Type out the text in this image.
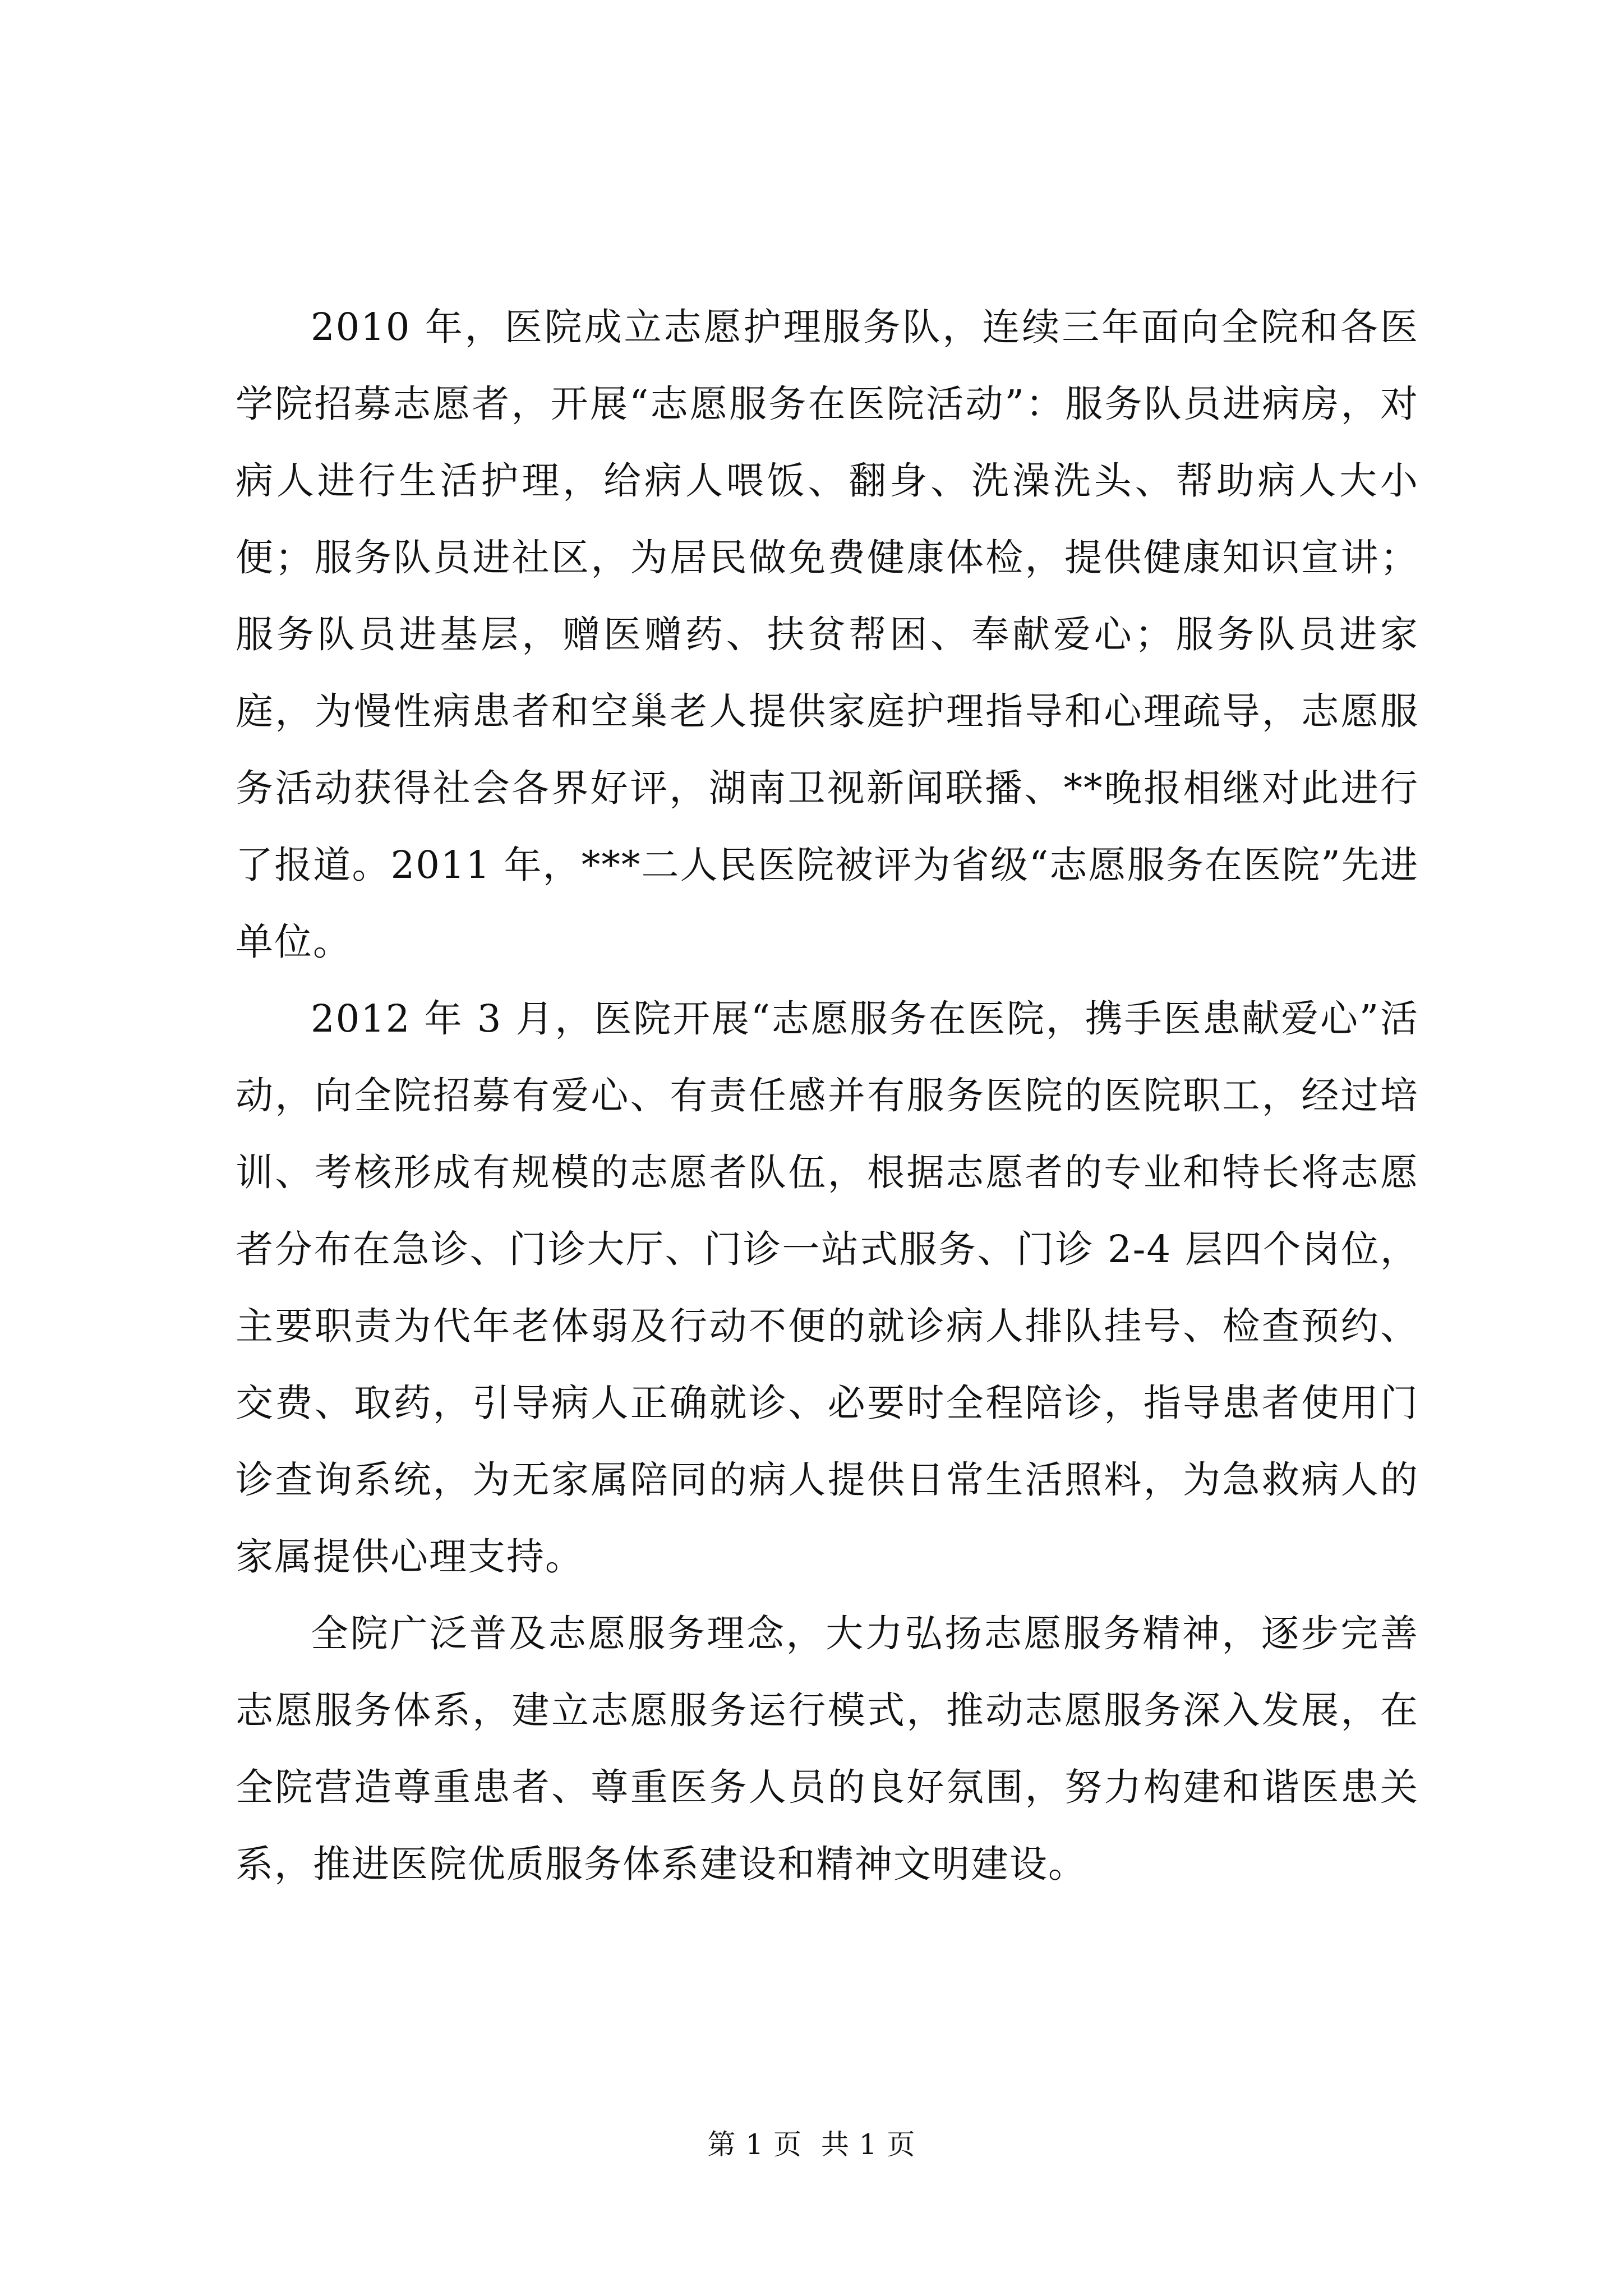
2010 年，医院成立志愿护理服务队，连续三年面向全院和各医学院招募志愿者，开展“志愿服务在医院活动”：服务队员进病房，对病人进行生活护理，给病人喂饭、翻身、洗澡洗头、帮助病人大小便；服务队员进社区，为居民做免费健康体检，提供健康知识宣讲；服务队员进基层，赠医赠药、扶贫帮困、奉献爱心；服务队员进家庭，为慢性病患者和空巢老人提供家庭护理指导和心理疏导，志愿服务活动获得社会各界好评，湖南卫视新闻联播、**晚报相继对此进行了报道。2011 年，***二人民医院被评为省级“志愿服务在医院”先进单位。

2012 年 3 月，医院开展“志愿服务在医院，携手医患献爱心”活动，向全院招募有爱心、有责任感并有服务医院的医院职工，经过培训、考核形成有规模的志愿者队伍，根据志愿者的专业和特长将志愿者分布在急诊、门诊大厅、门诊一站式服务、门诊 2-4 层四个岗位，主要职责为代年老体弱及行动不便的就诊病人排队挂号、检查预约、交费、取药，引导病人正确就诊、必要时全程陪诊，指导患者使用门诊查询系统，为无家属陪同的病人提供日常生活照料，为急救病人的家属提供心理支持。

全院广泛普及志愿服务理念，大力弘扬志愿服务精神，逐步完善志愿服务体系，建立志愿服务运行模式，推动志愿服务深入发展，在全院营造尊重患者、尊重医务人员的良好氛围，努力构建和谐医患关系，推进医院优质服务体系建设和精神文明建设。

第 1 页  共 1 页
